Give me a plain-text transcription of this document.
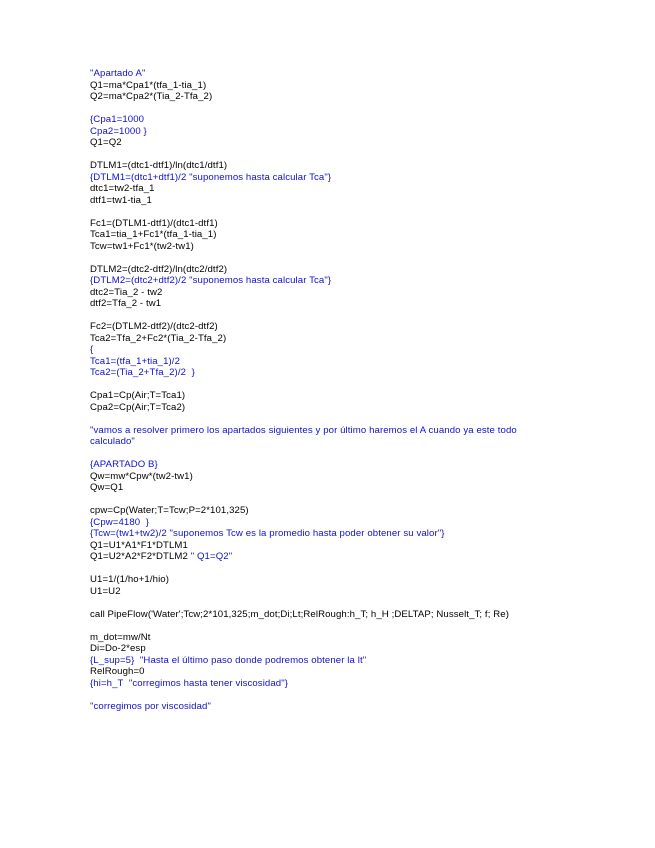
"Apartado A"
Q1=ma*Cpa1*(tfa_1-tia_1)
Q2=ma*Cpa2*(Tia_2-Tfa_2)
{Cpa1=1000
Cpa2=1000 }
Q1=Q2
DTLM1=(dtc1-dtf1)/ln(dtc1/dtf1)
{DTLM1=(dtc1+dtf1)/2 "suponemos hasta calcular Tca"}
dtc1=tw2-tfa_1
dtf1=tw1-tia_1
Fc1=(DTLM1-dtf1)/(dtc1-dtf1)
Tca1=tia_1+Fc1*(tfa_1-tia_1)
Tcw=tw1+Fc1*(tw2-tw1)
DTLM2=(dtc2-dtf2)/ln(dtc2/dtf2)
{DTLM2=(dtc2+dtf2)/2 "suponemos hasta calcular Tca"}
dtc2=Tia_2 - tw2
dtf2=Tfa_2 - tw1
Fc2=(DTLM2-dtf2)/(dtc2-dtf2)
Tca2=Tfa_2+Fc2*(Tia_2-Tfa_2)
{
Tca1=(tfa_1+tia_1)/2
Tca2=(Tia_2+Tfa_2)/2  }
Cpa1=Cp(Air;T=Tca1)
Cpa2=Cp(Air;T=Tca2)
"vamos a resolver primero los apartados siguientes y por último haremos el A cuando ya este todo
calculado"
{APARTADO B}
Qw=mw*Cpw*(tw2-tw1)
Qw=Q1
cpw=Cp(Water;T=Tcw;P=2*101,325)
{Cpw=4180  }
{Tcw=(tw1+tw2)/2 "suponemos Tcw es la promedio hasta poder obtener su valor"}
Q1=U1*A1*F1*DTLM1
Q1=U2*A2*F2*DTLM2 " Q1=Q2"
U1=1/(1/ho+1/hio)
U1=U2
call PipeFlow('Water';Tcw;2*101,325;m_dot;Di;Lt;RelRough:h_T; h_H ;DELTAP; Nusselt_T; f; Re)
m_dot=mw/Nt
Di=Do-2*esp
{L_sup=5}  "Hasta el último paso donde podremos obtener la lt"
RelRough=0
{hi=h_T  "corregimos hasta tener viscosidad"}
"corregimos por viscosidad"
